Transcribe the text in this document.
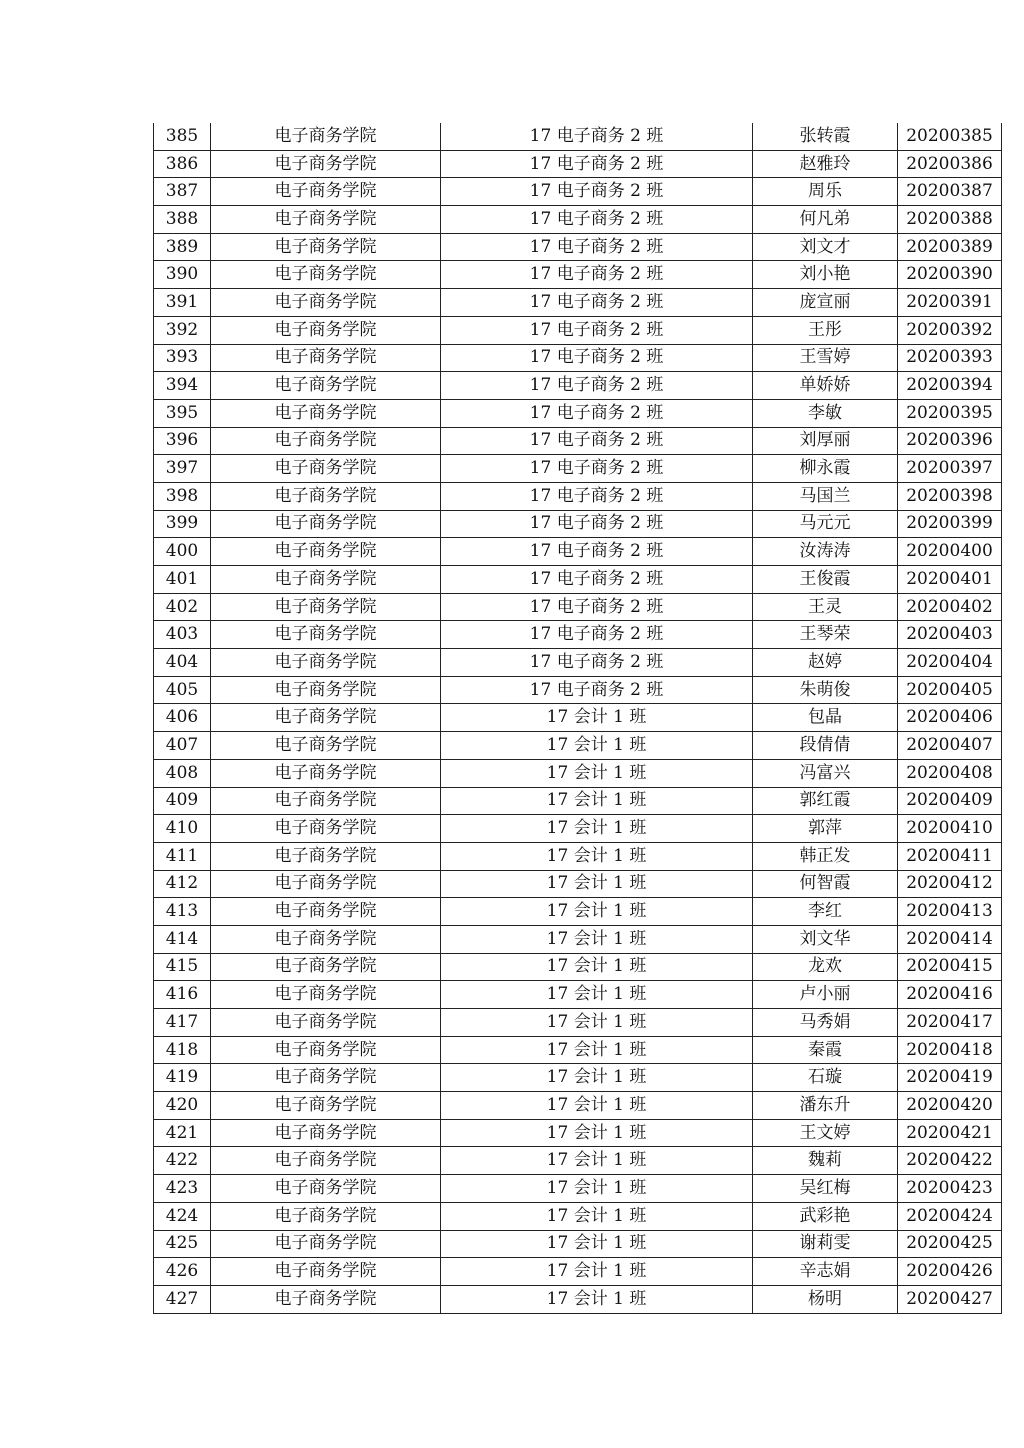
385	电子商务学院	17 电子商务 2 班	张转霞	20200385
386	电子商务学院	17 电子商务 2 班	赵雅玲	20200386
387	电子商务学院	17 电子商务 2 班	周乐	20200387
388	电子商务学院	17 电子商务 2 班	何凡弟	20200388
389	电子商务学院	17 电子商务 2 班	刘文才	20200389
390	电子商务学院	17 电子商务 2 班	刘小艳	20200390
391	电子商务学院	17 电子商务 2 班	庞宣丽	20200391
392	电子商务学院	17 电子商务 2 班	王彤	20200392
393	电子商务学院	17 电子商务 2 班	王雪婷	20200393
394	电子商务学院	17 电子商务 2 班	单娇娇	20200394
395	电子商务学院	17 电子商务 2 班	李敏	20200395
396	电子商务学院	17 电子商务 2 班	刘厚丽	20200396
397	电子商务学院	17 电子商务 2 班	柳永霞	20200397
398	电子商务学院	17 电子商务 2 班	马国兰	20200398
399	电子商务学院	17 电子商务 2 班	马元元	20200399
400	电子商务学院	17 电子商务 2 班	汝涛涛	20200400
401	电子商务学院	17 电子商务 2 班	王俊霞	20200401
402	电子商务学院	17 电子商务 2 班	王灵	20200402
403	电子商务学院	17 电子商务 2 班	王琴荣	20200403
404	电子商务学院	17 电子商务 2 班	赵婷	20200404
405	电子商务学院	17 电子商务 2 班	朱萌俊	20200405
406	电子商务学院	17 会计 1 班	包晶	20200406
407	电子商务学院	17 会计 1 班	段倩倩	20200407
408	电子商务学院	17 会计 1 班	冯富兴	20200408
409	电子商务学院	17 会计 1 班	郭红霞	20200409
410	电子商务学院	17 会计 1 班	郭萍	20200410
411	电子商务学院	17 会计 1 班	韩正发	20200411
412	电子商务学院	17 会计 1 班	何智霞	20200412
413	电子商务学院	17 会计 1 班	李红	20200413
414	电子商务学院	17 会计 1 班	刘文华	20200414
415	电子商务学院	17 会计 1 班	龙欢	20200415
416	电子商务学院	17 会计 1 班	卢小丽	20200416
417	电子商务学院	17 会计 1 班	马秀娟	20200417
418	电子商务学院	17 会计 1 班	秦霞	20200418
419	电子商务学院	17 会计 1 班	石璇	20200419
420	电子商务学院	17 会计 1 班	潘东升	20200420
421	电子商务学院	17 会计 1 班	王文婷	20200421
422	电子商务学院	17 会计 1 班	魏莉	20200422
423	电子商务学院	17 会计 1 班	吴红梅	20200423
424	电子商务学院	17 会计 1 班	武彩艳	20200424
425	电子商务学院	17 会计 1 班	谢莉雯	20200425
426	电子商务学院	17 会计 1 班	辛志娟	20200426
427	电子商务学院	17 会计 1 班	杨明	20200427
